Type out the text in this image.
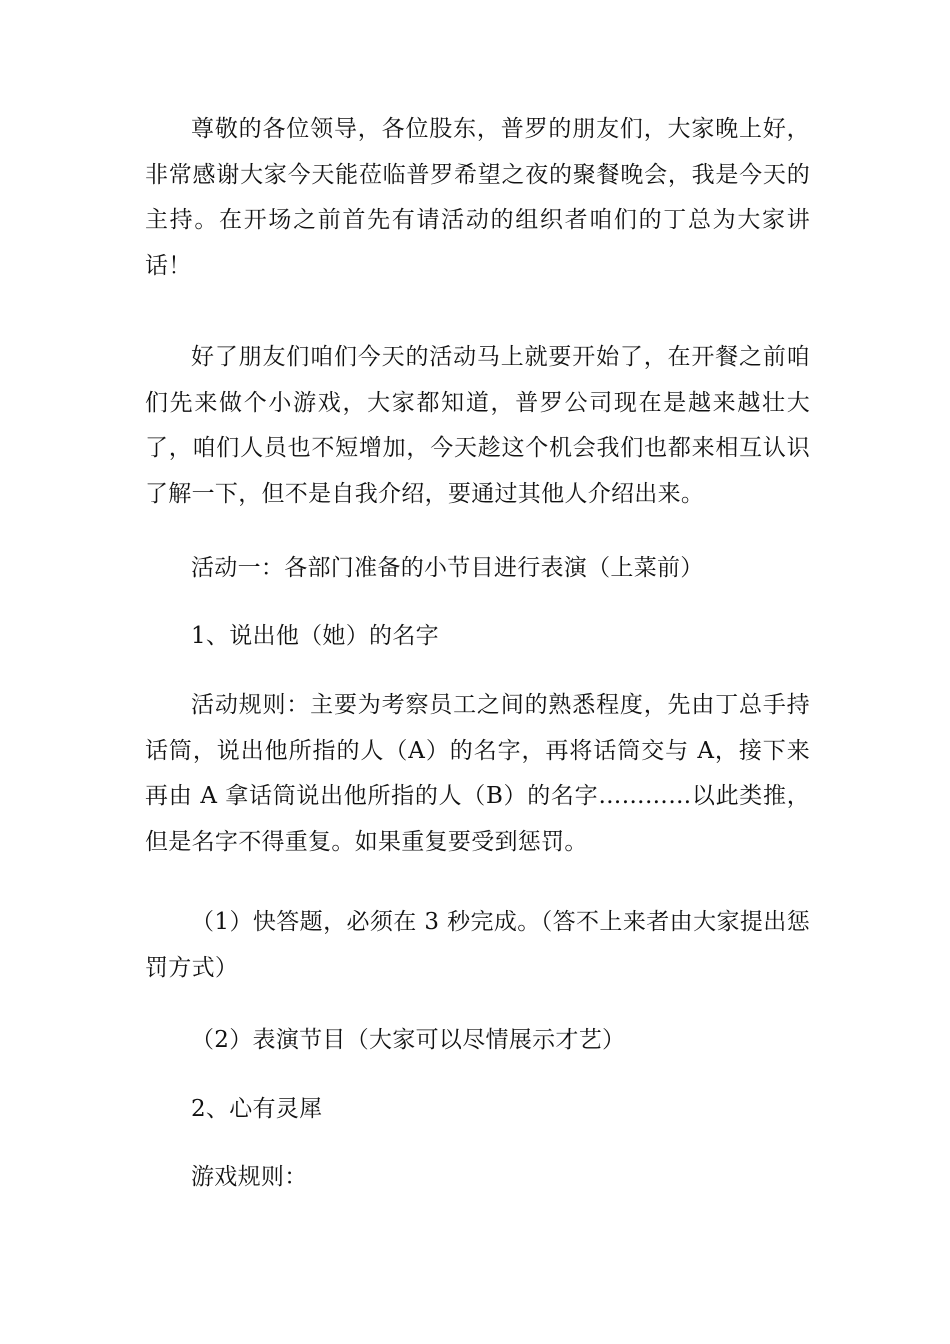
尊敬的各位领导，各位股东，普罗的朋友们，大家晚上好，非常感谢大家今天能莅临普罗希望之夜的聚餐晚会，我是今天的主持。在开场之前首先有请活动的组织者咱们的丁总为大家讲话！

好了朋友们咱们今天的活动马上就要开始了，在开餐之前咱们先来做个小游戏，大家都知道，普罗公司现在是越来越壮大了，咱们人员也不短增加，今天趁这个机会我们也都来相互认识了解一下，但不是自我介绍，要通过其他人介绍出来。

活动一：各部门准备的小节目进行表演（上菜前）

1、说出他（她）的名字

活动规则：主要为考察员工之间的熟悉程度，先由丁总手持话筒，说出他所指的人（A）的名字，再将话筒交与 A，接下来再由 A 拿话筒说出他所指的人（B）的名字…………以此类推，但是名字不得重复。如果重复要受到惩罚。

（1）快答题，必须在 3 秒完成。（答不上来者由大家提出惩罚方式）

（2）表演节目（大家可以尽情展示才艺）

2、心有灵犀

游戏规则：
